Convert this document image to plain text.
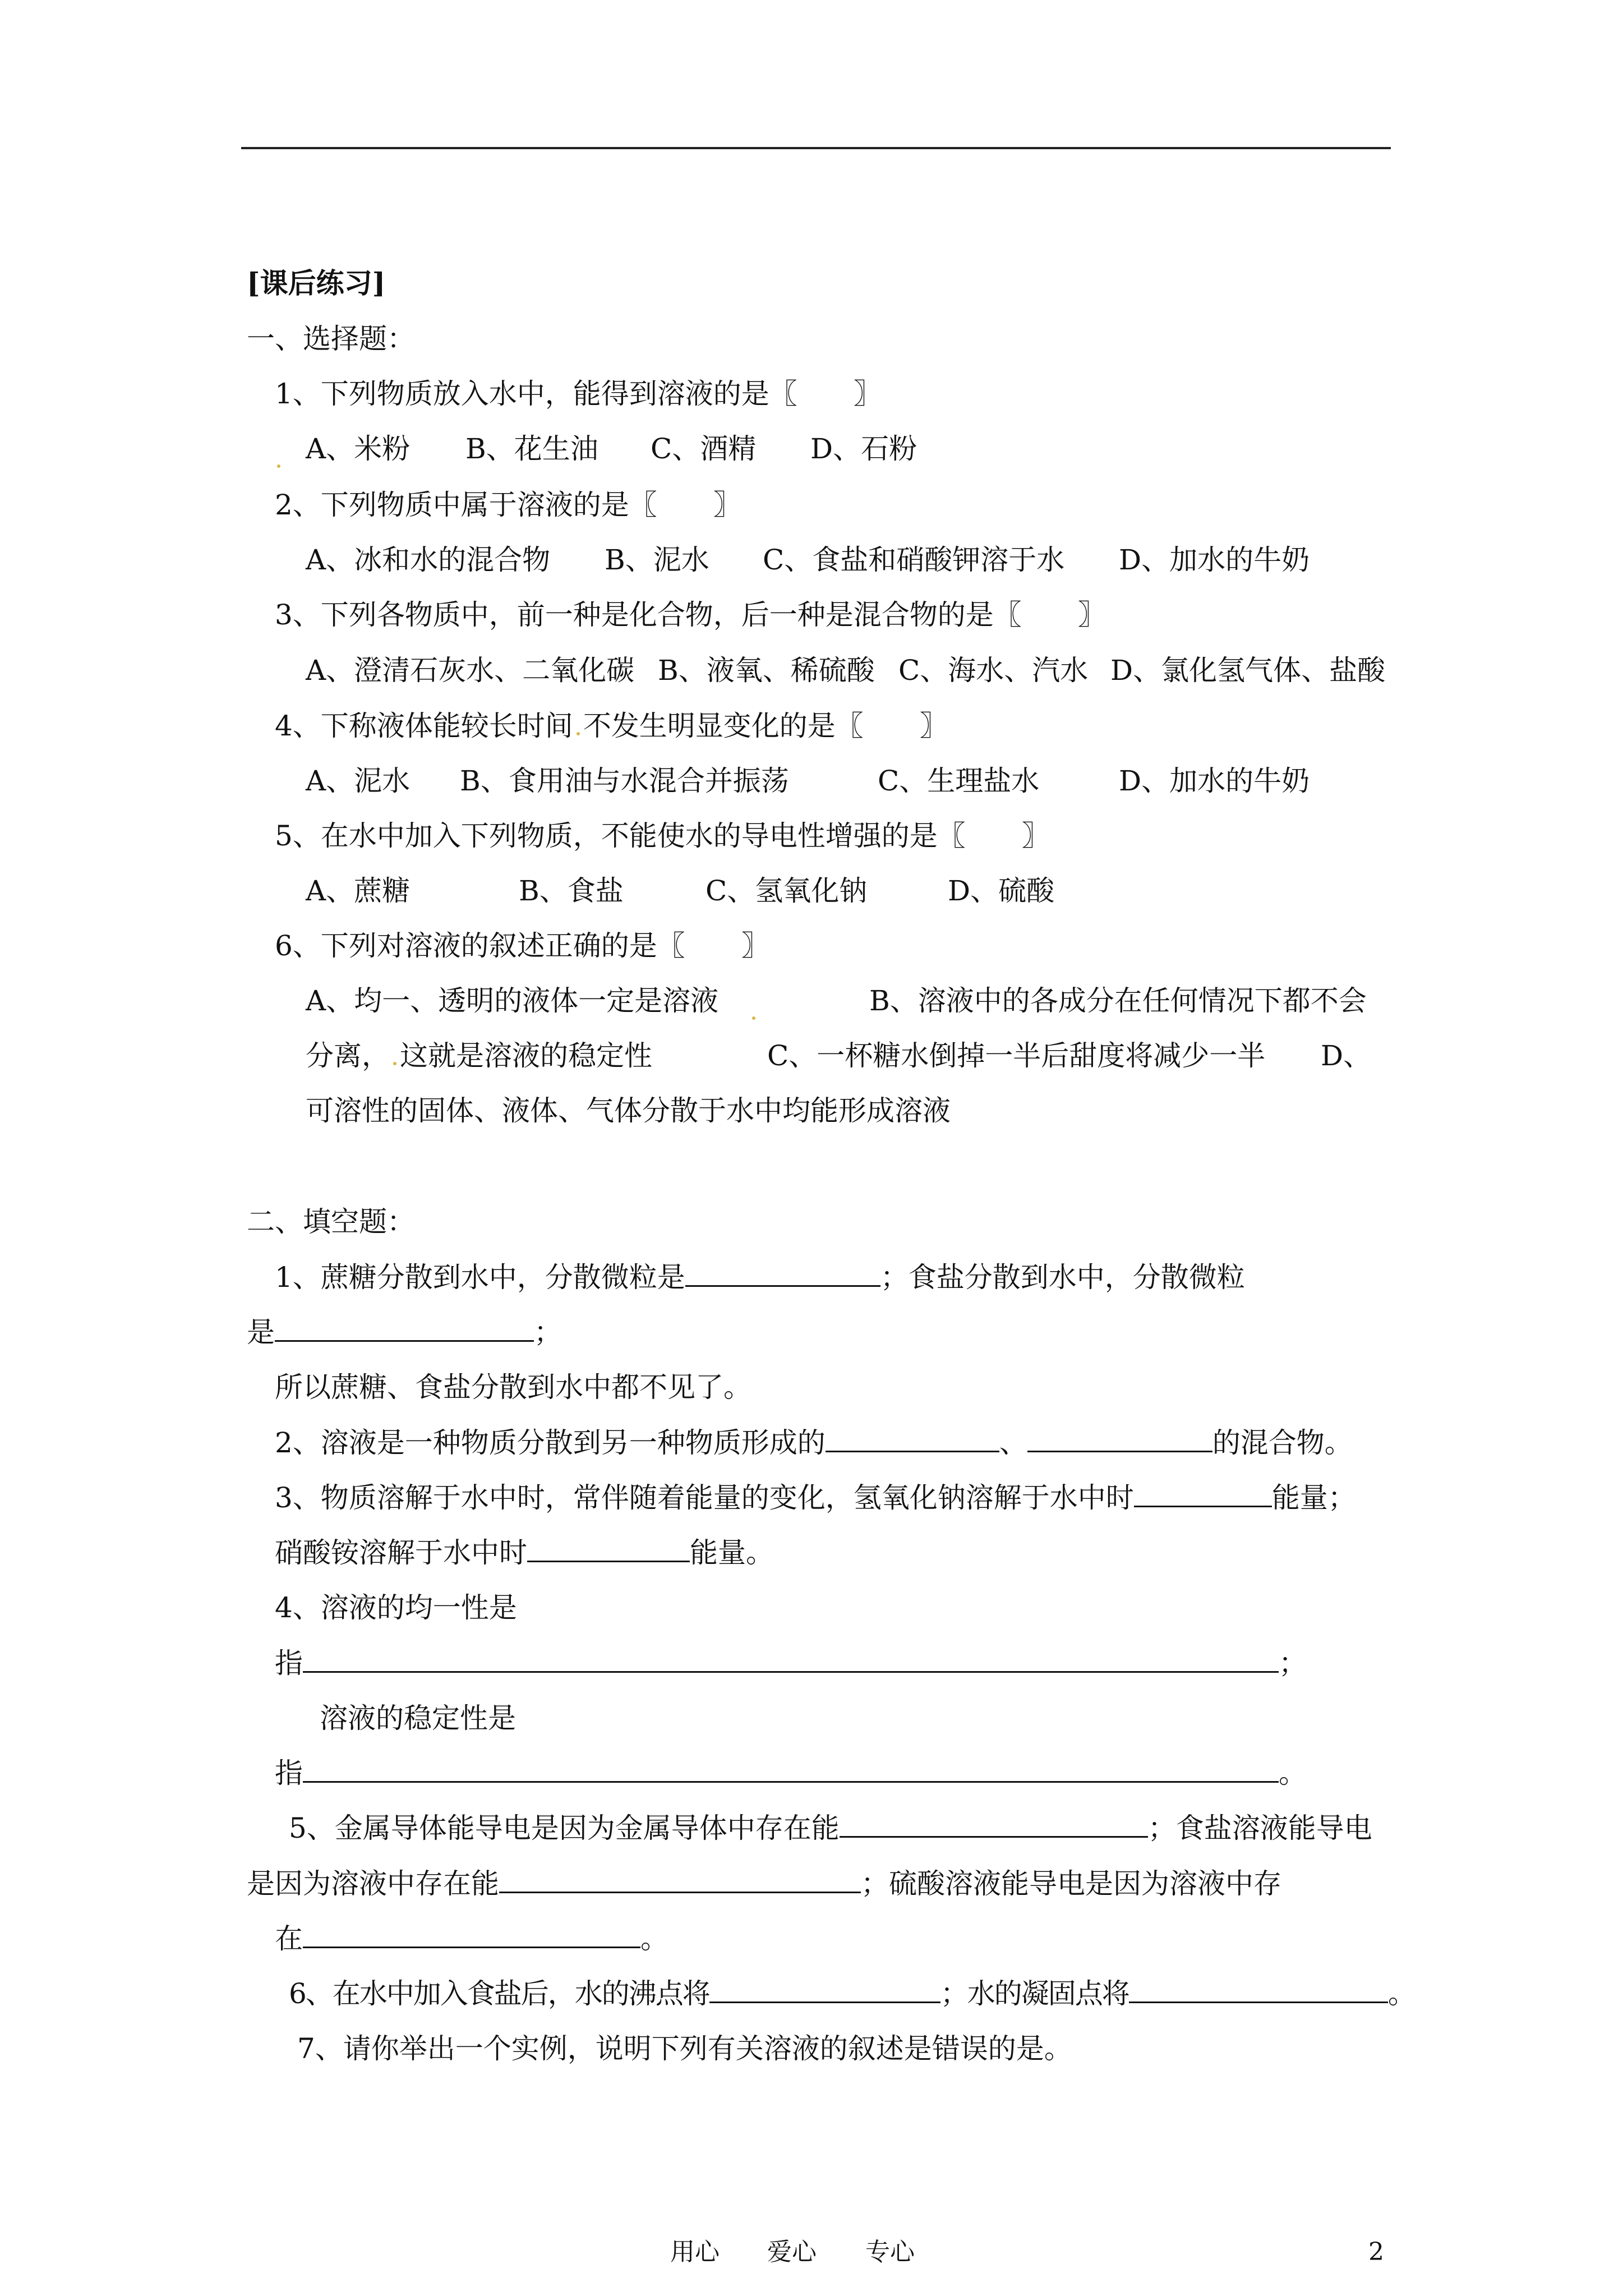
[课后练习]
一、选择题：
1、下列物质放入水中，能得到溶液的是〖　　〗
A、米粉 B、花生油 C、酒精 D、石粉
2、下列物质中属于溶液的是〖　　〗
A、冰和水的混合物 B、泥水 C、食盐和硝酸钾溶于水 D、加水的牛奶
3、下列各物质中，前一种是化合物，后一种是混合物的是〖　　〗
A、澄清石灰水、二氧化碳 B、液氧、稀硫酸 C、海水、汽水 D、氯化氢气体、盐酸
4、下称液体能较长时间 不发生明显变化的是〖　　〗
A、泥水 B、食用油与水混合并振荡	C、生理盐水	D、加水的牛奶
5、在水中加入下列物质，不能使水的导电性增强的是〖　　〗
A、蔗糖	B、食盐	C、氢氧化钠	D、硫酸
6、下列对溶液的叙述正确的是〖　　〗
A、均一、透明的液体一定是溶液	B、溶液中的各成分在任何情况下都不会
分离， 这就是溶液的稳定性	C、一杯糖水倒掉一半后甜度将减少一半 D、
可溶性的固体、液体、气体分散于水中均能形成溶液
二、填空题：
1、蔗糖分散到水中，分散微粒是	；食盐分散到水中，分散微粒
是	；
所以蔗糖、食盐分散到水中都不见了。
2、溶液是一种物质分散到另一种物质形成的	、	的混合物。
3、物质溶解于水中时，常伴随着能量的变化，氢氧化钠溶解于水中时	能量；
硝酸铵溶解于水中时	能量。
4、溶液的均一性是
指	；
溶液的稳定性是
指	。
5、金属导体能导电是因为金属导体中存在能	；食盐溶液能导电
是因为溶液中存在能	；硫酸溶液能导电是因为溶液中存
在	。
6、在水中加入食盐后，水的沸点将	；水的凝固点将	。
7、请你举出一个实例，说明下列有关溶液的叙述是错误的是。
用心 爱心 专心	2
